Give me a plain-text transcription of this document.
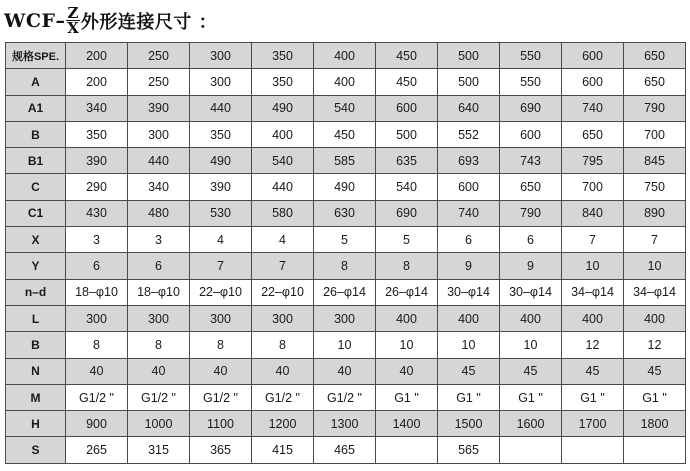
$WCF- \frac{Z}{X}$ 外形连接尺寸 ：
规格SPE.	200	250	300	350	400	450	500	550	600	650
A	200	250	300	350	400	450	500	550	600	650
A1	340	390	440	490	540	600	640	690	740	790
B	350	300	350	400	450	500	552	600	650	700
B1	390	440	490	540	585	635	693	743	795	845
C	290	340	390	440	490	540	600	650	700	750
C1	430	480	530	580	630	690	740	790	840	890
X	3	3	4	4	5	5	6	6	7	7
Y	6	6	7	7	8	8	9	9	10	10
n–d	18–φ10	18–φ10	22–φ10	22–φ10	26–φ14	26–φ14	30–φ14	30–φ14	34–φ14	34–φ14
L	300	300	300	300	300	400	400	400	400	400
B	8	8	8	8	10	10	10	10	12	12
N	40	40	40	40	40	40	45	45	45	45
M	G1/2 "	G1/2 "	G1/2 "	G1/2 "	G1/2 "	G1 "	G1 "	G1 "	G1 "	G1 "
H	900	1000	1100	1200	1300	1400	1500	1600	1700	1800
S	265	315	365	415	465		565			
